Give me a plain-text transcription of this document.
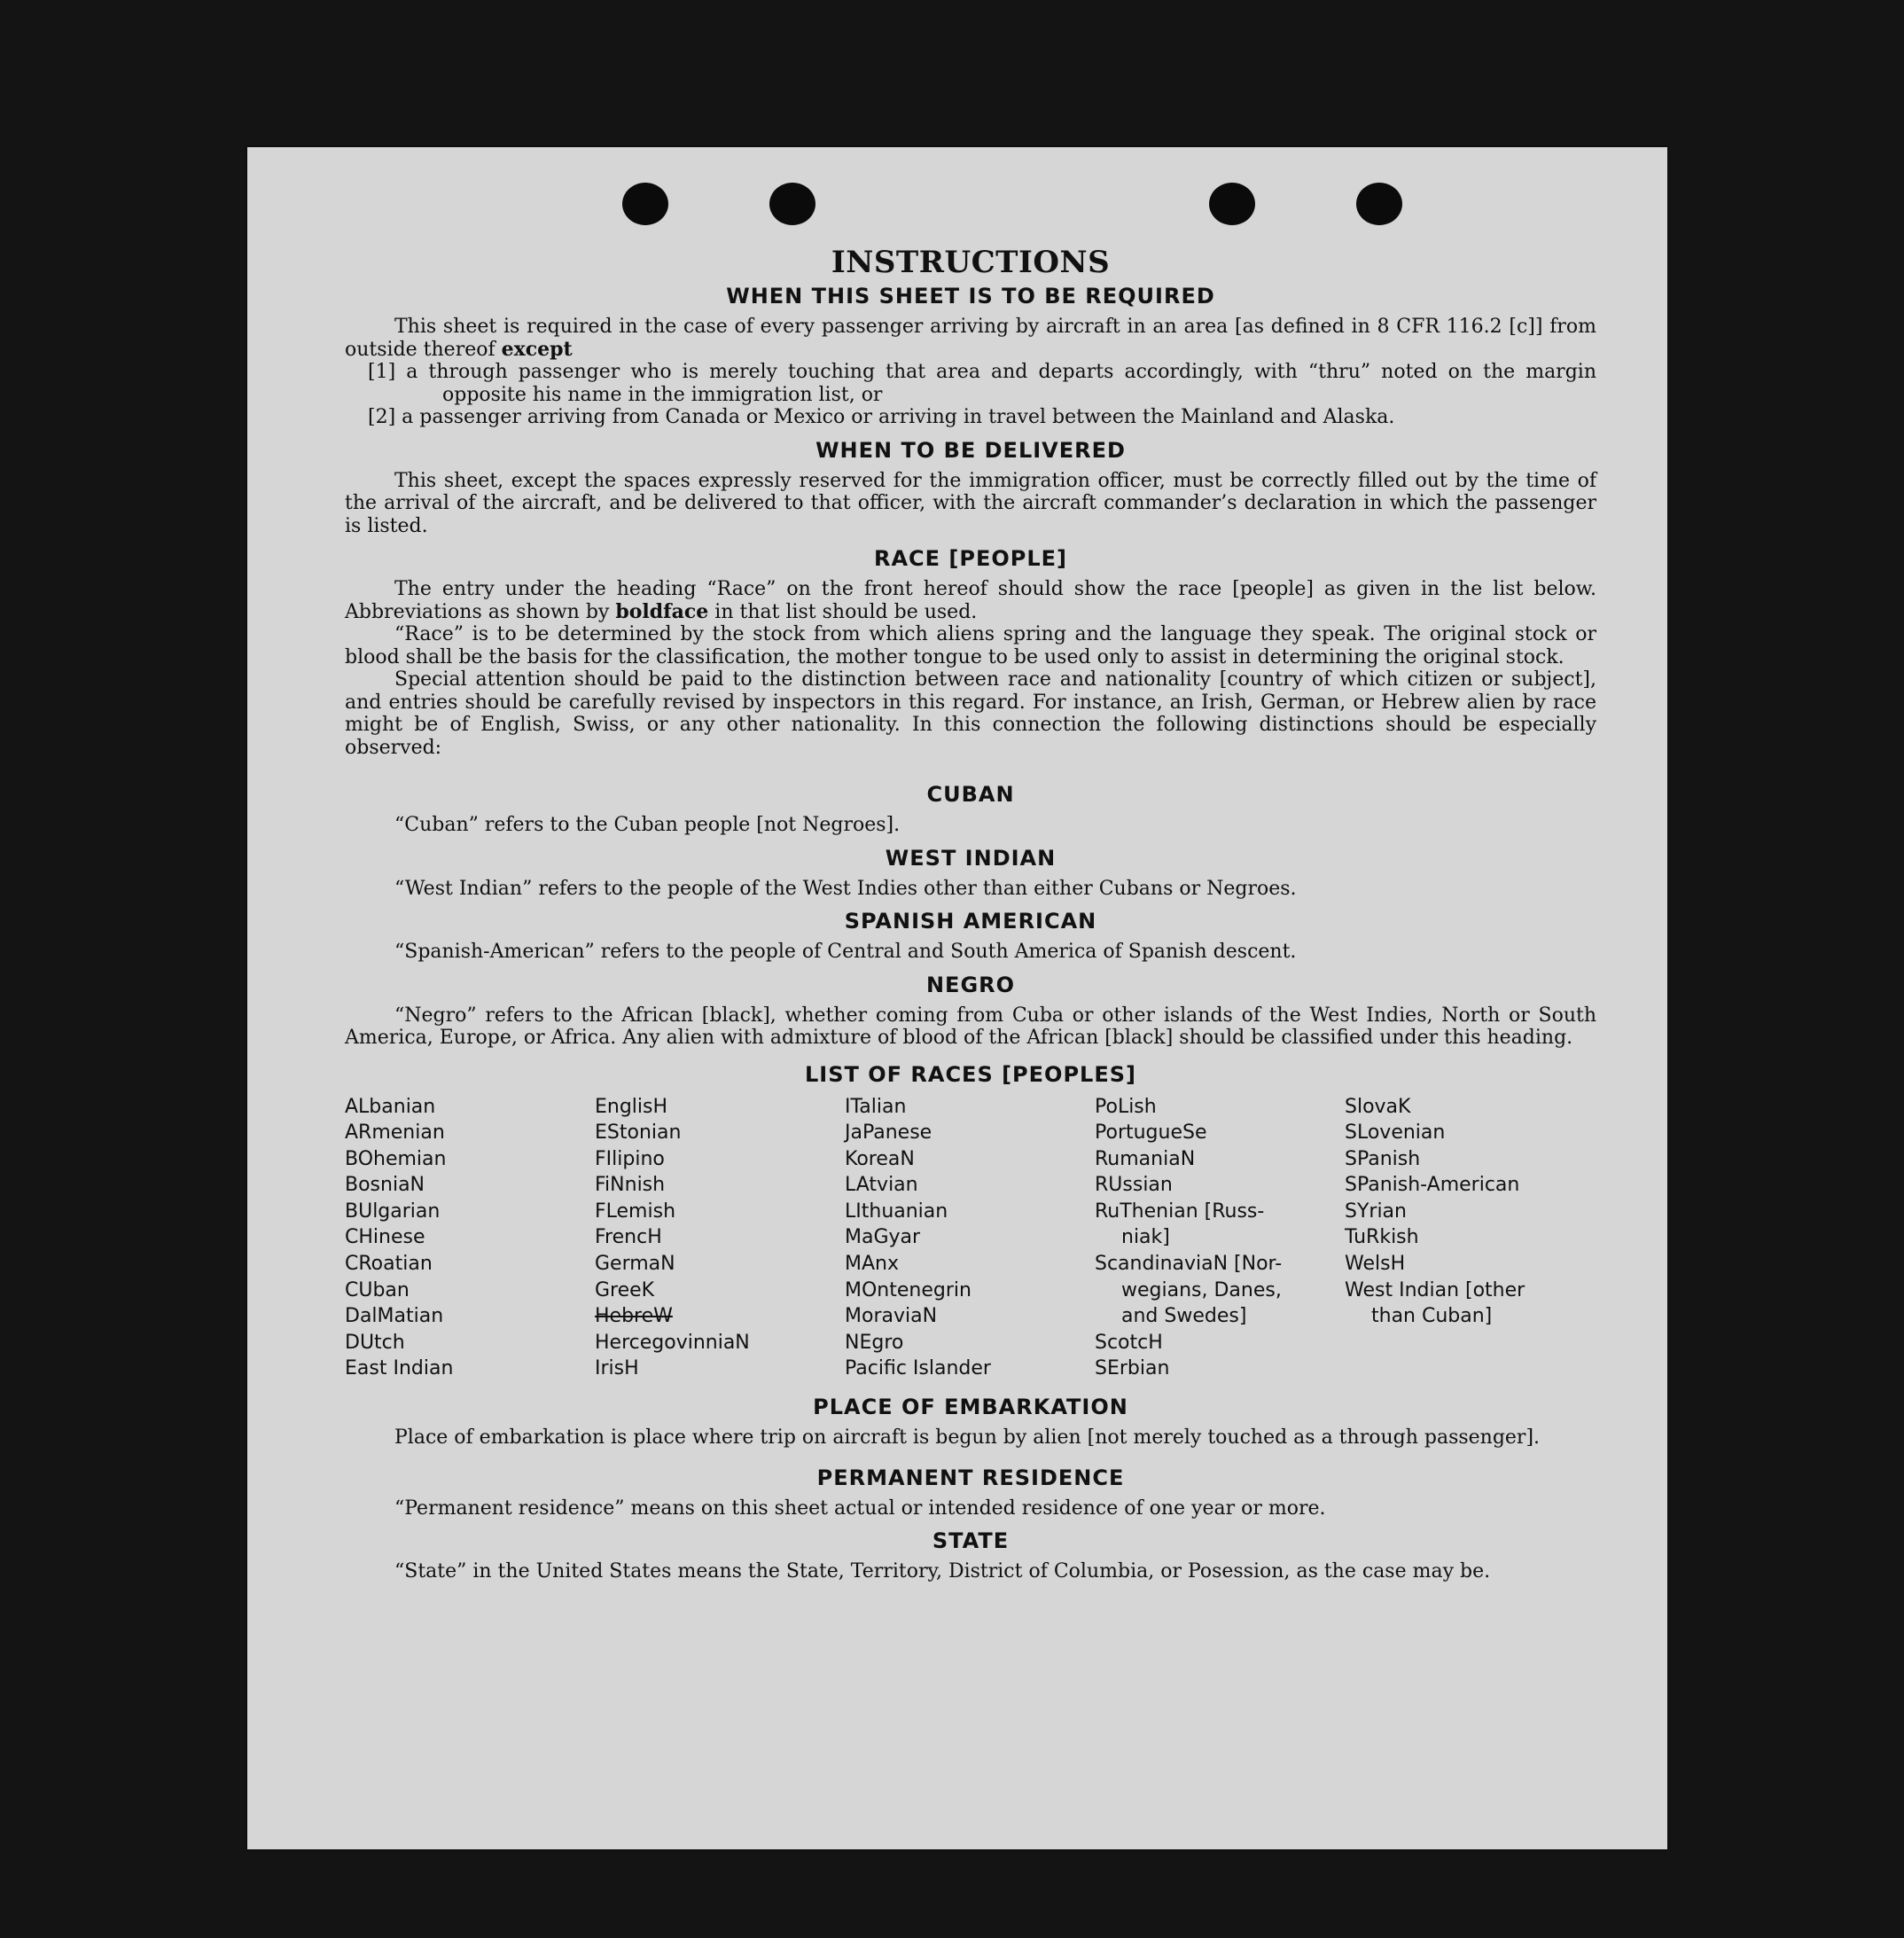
INSTRUCTIONS
WHEN THIS SHEET IS TO BE REQUIRED

This sheet is required in the case of every passenger arriving by aircraft in an area [as defined in 8 CFR 116.2 [c]] from outside thereof except

[1] a through passenger who is merely touching that area and departs accordingly, with “thru” noted on the margin opposite his name in the immigration list, or

[2] a passenger arriving from Canada or Mexico or arriving in travel between the Mainland and Alaska.

WHEN TO BE DELIVERED

This sheet, except the spaces expressly reserved for the immigration officer, must be correctly filled out by the time of the arrival of the aircraft, and be delivered to that officer, with the aircraft commander’s declaration in which the passenger is listed.

RACE [PEOPLE]

The entry under the heading “Race” on the front hereof should show the race [people] as given in the list below. Abbreviations as shown by boldface in that list should be used.

“Race” is to be determined by the stock from which aliens spring and the language they speak. The original stock or blood shall be the basis for the classification, the mother tongue to be used only to assist in determining the original stock.

Special attention should be paid to the distinction between race and nationality [country of which citizen or subject], and entries should be carefully revised by inspectors in this regard. For instance, an Irish, German, or Hebrew alien by race might be of English, Swiss, or any other nationality. In this connection the following distinctions should be especially observed:

CUBAN

“Cuban” refers to the Cuban people [not Negroes].

WEST INDIAN

“West Indian” refers to the people of the West Indies other than either Cubans or Negroes.

SPANISH AMERICAN

“Spanish-American” refers to the people of Central and South America of Spanish descent.

NEGRO

“Negro” refers to the African [black], whether coming from Cuba or other islands of the West Indies, North or South America, Europe, or Africa. Any alien with admixture of blood of the African [black] should be classified under this heading.

LIST OF RACES [PEOPLES]
ALbanian
ARmenian
BOhemian
BosniaN
BUlgarian
CHinese
CRoatian
CUban
DalMatian
DUtch
East Indian
EnglisH
EStonian
FIlipino
FiNnish
FLemish
FrencH
GermaN
GreeK
HebreW
HercegovinniaN
IrisH
ITalian
JaPanese
KoreaN
LAtvian
LIthuanian
MaGyar
MAnx
MOntenegrin
MoraviaN
NEgro
Pacific Islander
PoLish
PortugueSe
RumaniaN
RUssian
RuThenian [Russ-
niak]
ScandinaviaN [Nor-
wegians, Danes,
and Swedes]
ScotcH
SErbian
SlovaK
SLovenian
SPanish
SPanish-American
SYrian
TuRkish
WelsH
West Indian [other
than Cuban]
PLACE OF EMBARKATION

Place of embarkation is place where trip on aircraft is begun by alien [not merely touched as a through passenger].

PERMANENT RESIDENCE

“Permanent residence” means on this sheet actual or intended residence of one year or more.

STATE

“State” in the United States means the State, Territory, District of Columbia, or Posession, as the case may be.
